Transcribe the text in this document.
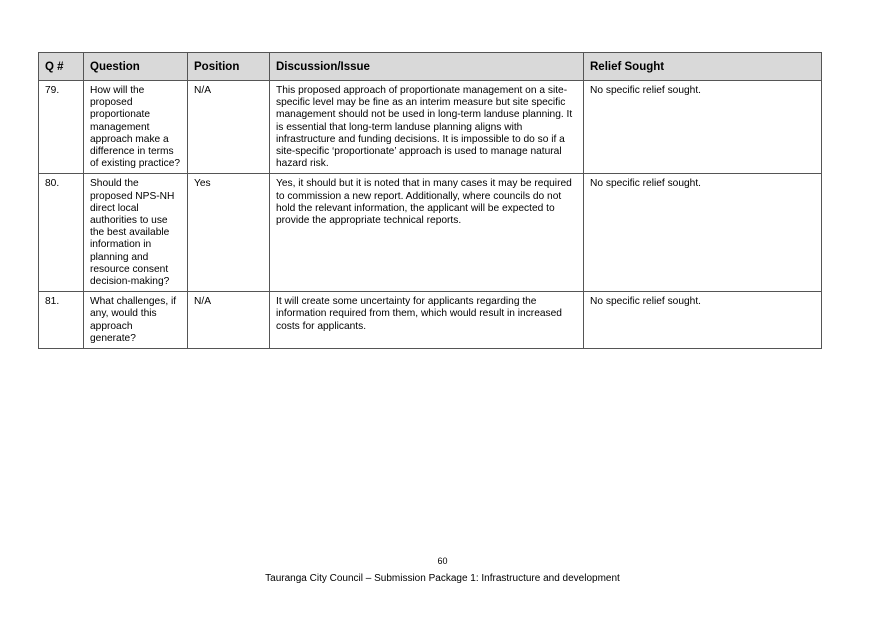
Q #	Question	Position	Discussion/Issue	Relief Sought
79.	How will the proposed proportionate management approach make a difference in terms of existing practice?	N/A	This proposed approach of proportionate management on a site-specific level may be fine as an interim measure but site specific management should not be used in long-term landuse planning. It is essential that long-term landuse planning aligns with infrastructure and funding decisions. It is impossible to do so if a site-specific ‘proportionate’ approach is used to manage natural hazard risk.	No specific relief sought.
80.	Should the proposed NPS-NH direct local authorities to use the best available information in planning and resource consent decision-making?	Yes	Yes, it should but it is noted that in many cases it may be required to commission a new report. Additionally, where councils do not hold the relevant information, the applicant will be expected to provide the appropriate technical reports.	No specific relief sought.
81.	What challenges, if any, would this approach generate?	N/A	It will create some uncertainty for applicants regarding the information required from them, which would result in increased costs for applicants.	No specific relief sought.
60
Tauranga City Council – Submission Package 1: Infrastructure and development
